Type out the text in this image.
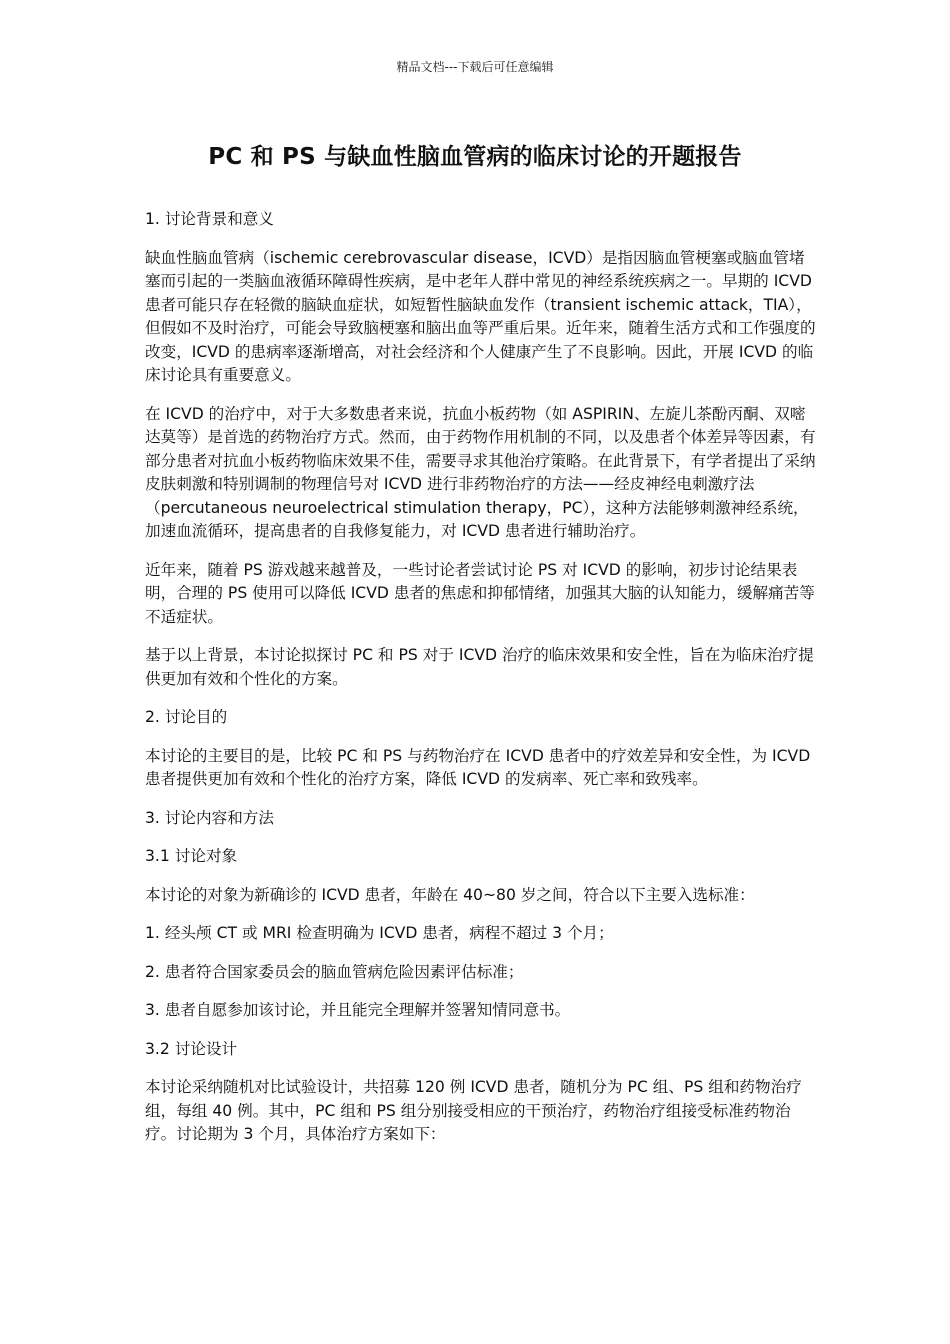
精品文档---下载后可任意编辑
PC 和 PS 与缺血性脑血管病的临床讨论的开题报告

1. 讨论背景和意义

缺血性脑血管病（ischemic cerebrovascular disease，ICVD）是指因脑血管梗塞或脑血管堵塞而引起的一类脑血液循环障碍性疾病，是中老年人群中常见的神经系统疾病之一。早期的 ICVD 患者可能只存在轻微的脑缺血症状，如短暂性脑缺血发作（transient ischemic attack，TIA），但假如不及时治疗，可能会导致脑梗塞和脑出血等严重后果。近年来，随着生活方式和工作强度的改变，ICVD 的患病率逐渐增高，对社会经济和个人健康产生了不良影响。因此，开展 ICVD 的临床讨论具有重要意义。

在 ICVD 的治疗中，对于大多数患者来说，抗血小板药物（如 ASPIRIN、左旋儿茶酚丙酮、双嘧达莫等）是首选的药物治疗方式。然而，由于药物作用机制的不同，以及患者个体差异等因素，有部分患者对抗血小板药物临床效果不佳，需要寻求其他治疗策略。在此背景下，有学者提出了采纳皮肤刺激和特别调制的物理信号对 ICVD 进行非药物治疗的方法——经皮神经电刺激疗法（percutaneous neuroelectrical stimulation therapy，PC），这种方法能够刺激神经系统，加速血流循环，提高患者的自我修复能力，对 ICVD 患者进行辅助治疗。

近年来，随着 PS 游戏越来越普及，一些讨论者尝试讨论 PS 对 ICVD 的影响，初步讨论结果表明，合理的 PS 使用可以降低 ICVD 患者的焦虑和抑郁情绪，加强其大脑的认知能力，缓解痛苦等不适症状。

基于以上背景，本讨论拟探讨 PC 和 PS 对于 ICVD 治疗的临床效果和安全性，旨在为临床治疗提供更加有效和个性化的方案。

2. 讨论目的

本讨论的主要目的是，比较 PC 和 PS 与药物治疗在 ICVD 患者中的疗效差异和安全性，为 ICVD 患者提供更加有效和个性化的治疗方案，降低 ICVD 的发病率、死亡率和致残率。

3. 讨论内容和方法

3.1 讨论对象

本讨论的对象为新确诊的 ICVD 患者，年龄在 40~80 岁之间，符合以下主要入选标准：

1. 经头颅 CT 或 MRI 检查明确为 ICVD 患者，病程不超过 3 个月；

2. 患者符合国家委员会的脑血管病危险因素评估标准；

3. 患者自愿参加该讨论，并且能完全理解并签署知情同意书。

3.2 讨论设计

本讨论采纳随机对比试验设计，共招募 120 例 ICVD 患者，随机分为 PC 组、PS 组和药物治疗组，每组 40 例。其中，PC 组和 PS 组分别接受相应的干预治疗，药物治疗组接受标准药物治疗。讨论期为 3 个月，具体治疗方案如下：
